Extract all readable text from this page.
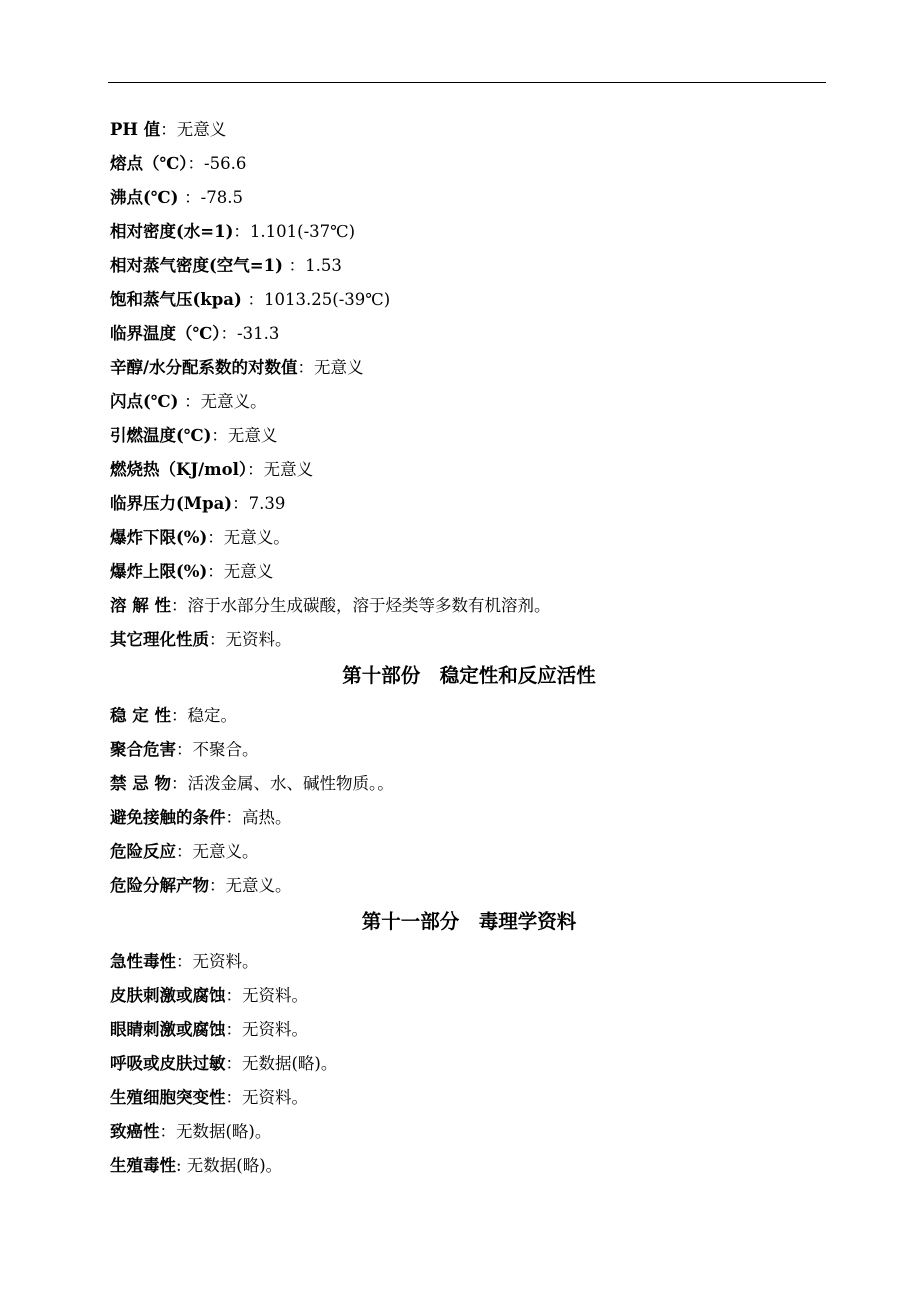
PH 值：无意义
熔点（℃）：-56.6
沸点(℃) ：-78.5
相对密度(水=1)：1.101(-37℃)
相对蒸气密度(空气=1) ：1.53
饱和蒸气压(kpa) ：1013.25(-39℃)
临界温度（℃）：-31.3
辛醇/水分配系数的对数值：无意义
闪点(℃) ：无意义。
引燃温度(℃)：无意义
燃烧热（KJ/mol）：无意义
临界压力(Mpa)：7.39
爆炸下限(%)：无意义。
爆炸上限(%)：无意义
溶 解 性：溶于水部分生成碳酸，溶于烃类等多数有机溶剂。
其它理化性质：无资料。
第十部份　稳定性和反应活性
稳 定 性：稳定。
聚合危害：不聚合。
禁 忌 物：活泼金属、水、碱性物质。。
避免接触的条件：高热。
危险反应：无意义。
危险分解产物：无意义。
第十一部分　毒理学资料
急性毒性：无资料。
皮肤刺激或腐蚀：无资料。
眼睛刺激或腐蚀：无资料。
呼吸或皮肤过敏：无数据(略)。
生殖细胞突变性：无资料。
致癌性：无数据(略)。
生殖毒性: 无数据(略)。
